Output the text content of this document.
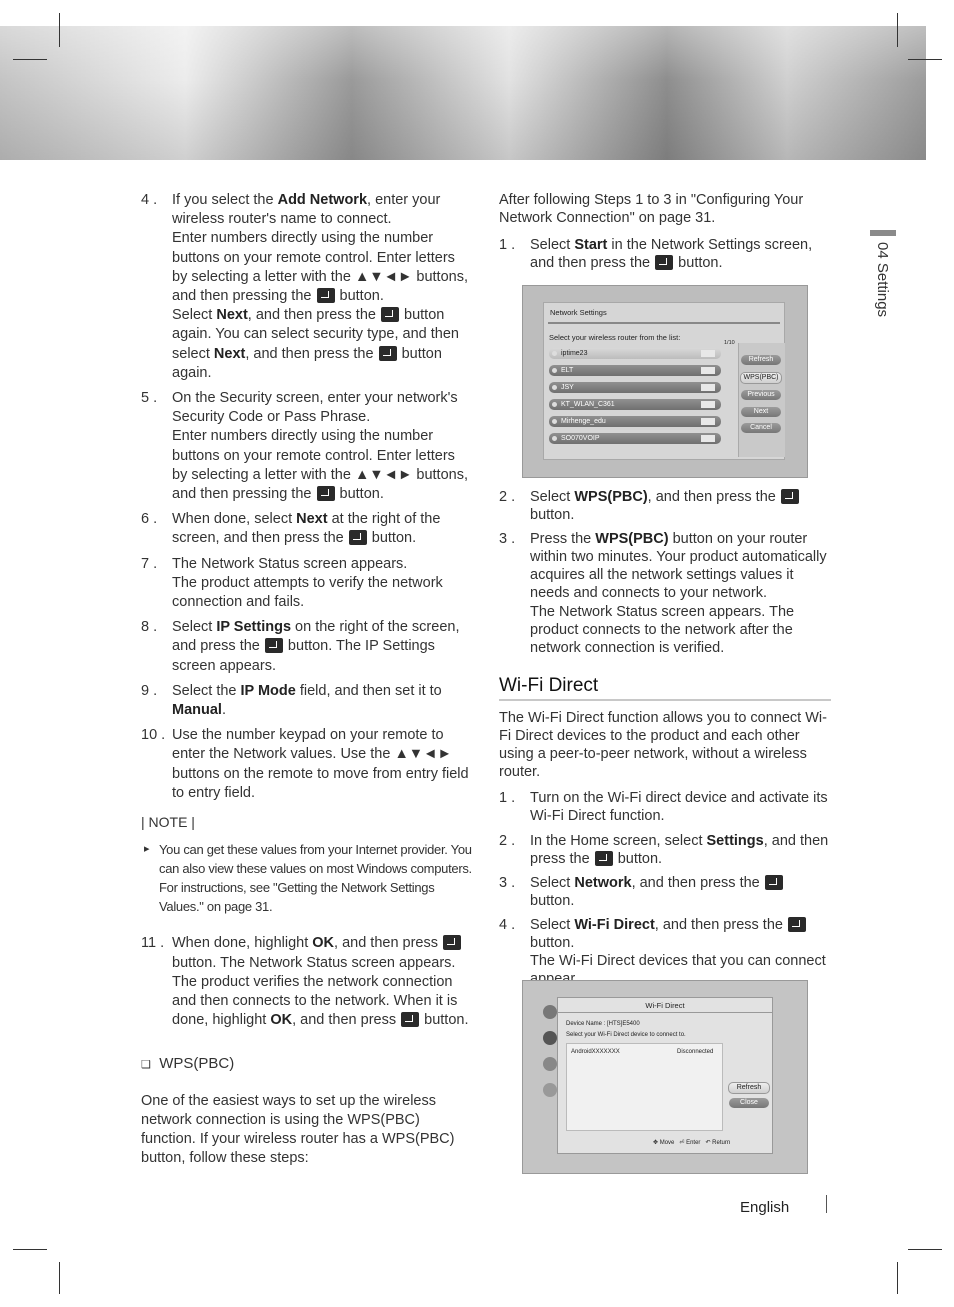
04 Settings
4 . If you select the Add Network, enter your wireless router's name to connect.
Enter numbers directly using the number buttons on your remote control. Enter letters by selecting a letter with the ▲▼◄► buttons, and then pressing the  button.
Select Next, and then press the  button again. You can select security type, and then select Next, and then press the  button again.

5 . On the Security screen, enter your network's Security Code or Pass Phrase.
Enter numbers directly using the number buttons on your remote control. Enter letters by selecting a letter with the ▲▼◄► buttons, and then pressing the  button.

6 . When done, select Next at the right of the screen, and then press the  button.

7 . The Network Status screen appears.
The product attempts to verify the network connection and fails.

8 . Select IP Settings on the right of the screen, and press the  button. The IP Settings screen appears.

9 . Select the IP Mode field, and then set it to Manual.

10 . Use the number keypad on your remote to enter the Network values. Use the ▲▼◄► buttons on the remote to move from entry field to entry field.

| NOTE |
▸ You can get these values from your Internet provider. You can also view these values on most Windows computers. For instructions, see "Getting the Network Settings Values." on page 31.
11 . When done, highlight OK, and then press  button. The Network Status screen appears. The product verifies the network connection and then connects to the network. When it is done, highlight OK, and then press  button.

❑ WPS(PBC)
One of the easiest ways to set up the wireless network connection is using the WPS(PBC) function. If your wireless router has a WPS(PBC) button, follow these steps:
After following Steps 1 to 3 in "Configuring Your Network Connection" on page 31.
1 . Select Start in the Network Settings screen, and then press the  button.

Network Settings
Select your wireless router from the list:
1/10
iptime23
ELT
JSY
KT_WLAN_C361
Mirhenge_edu
SO070VOIP
Refresh
WPS(PBC)
Previous
Next
Cancel
2 . Select WPS(PBC), and then press the  button.

3 . Press the WPS(PBC) button on your router within two minutes. Your product automatically acquires all the network settings values it needs and connects to your network.
The Network Status screen appears. The product connects to the network after the network connection is verified.

Wi-Fi Direct
The Wi-Fi Direct function allows you to connect Wi-Fi Direct devices to the product and each other using a peer-to-peer network, without a wireless router.
1 . Turn on the Wi-Fi direct device and activate its Wi-Fi Direct function.

2 . In the Home screen, select Settings, and then press the  button.

3 . Select Network, and then press the  button.

4 . Select Wi-Fi Direct, and then press the  button.
The Wi-Fi Direct devices that you can connect

Wi-Fi Direct
Device Name : [HTS]E5400
Select your Wi-Fi Direct device to connect to.
AndroidXXXXXXX	Disconnected
Refresh
Close
✥ Move ⏎ Enter ↶ Return
English
